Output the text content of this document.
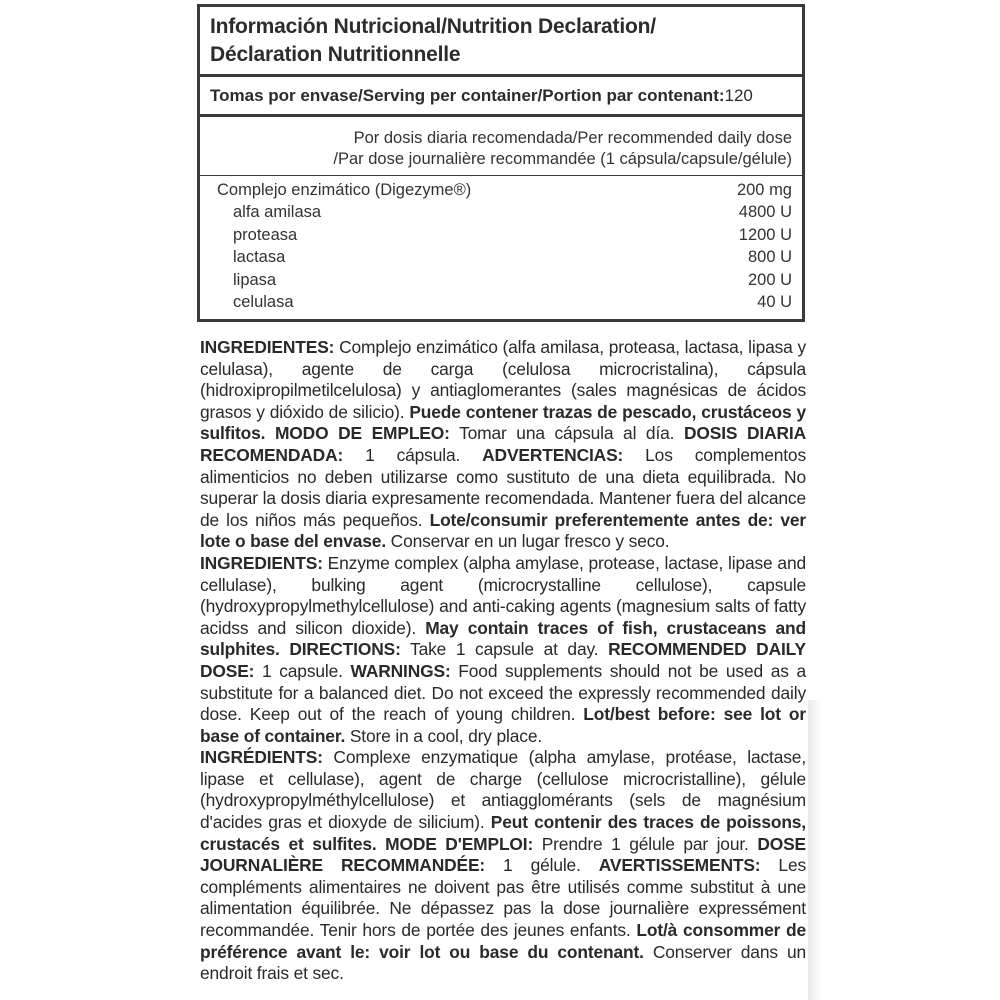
Información Nutricional/Nutrition Declaration/
Déclaration Nutritionnelle
Tomas por envase/Serving per container/Portion par contenant:120
Por dosis diaria recomendada/Per recommended daily dose
/Par dose journalière recommandée (1 cápsula/capsule/gélule)
Complejo enzimático (Digezyme®)	200 mg
alfa amilasa	4800 U
proteasa	1200 U
lactasa	800 U
lipasa	200 U
celulasa	40 U

INGREDIENTES: Complejo enzimático (alfa amilasa, proteasa, lactasa, lipasa y celulasa), agente de carga (celulosa microcristalina), cápsula (hidroxipropilmetilcelulosa) y antiaglomerantes (sales magnésicas de ácidos grasos y dióxido de silicio). Puede contener trazas de pescado, crustáceos y sulfitos. MODO DE EMPLEO: Tomar una cápsula al día. DOSIS DIARIA RECOMENDADA: 1 cápsula. ADVERTENCIAS: Los complementos alimenticios no deben utilizarse como sustituto de una dieta equilibrada. No superar la dosis diaria expresamente recomendada. Mantener fuera del alcance de los niños más pequeños. Lote/consumir preferentemente antes de: ver lote o base del envase. Conservar en un lugar fresco y seco.

INGREDIENTS: Enzyme complex (alpha amylase, protease, lactase, lipase and cellulase), bulking agent (microcrystalline cellulose), capsule (hydroxypropylmethylcellulose) and anti-caking agents (magnesium salts of fatty acidss and silicon dioxide). May contain traces of fish, crustaceans and sulphites. DIRECTIONS: Take 1 capsule at day. RECOMMENDED DAILY DOSE: 1 capsule. WARNINGS: Food supplements should not be used as a substitute for a balanced diet. Do not exceed the expressly recommended daily dose. Keep out of the reach of young children. Lot/best before: see lot or base of container. Store in a cool, dry place.

INGRÉDIENTS: Complexe enzymatique (alpha amylase, protéase, lactase, lipase et cellulase), agent de charge (cellulose microcristalline), gélule (hydroxypropylméthylcellulose) et antiagglomérants (sels de magnésium d'acides gras et dioxyde de silicium). Peut contenir des traces de poissons, crustacés et sulfites. MODE D'EMPLOI: Prendre 1 gélule par jour. DOSE JOURNALIÈRE RECOMMANDÉE: 1 gélule. AVERTISSEMENTS: Les compléments alimentaires ne doivent pas être utilisés comme substitut à une alimentation équilibrée. Ne dépassez pas la dose journalière expressément recommandée. Tenir hors de portée des jeunes enfants. Lot/à consommer de préférence avant le: voir lot ou base du contenant. Conserver dans un endroit frais et sec.
